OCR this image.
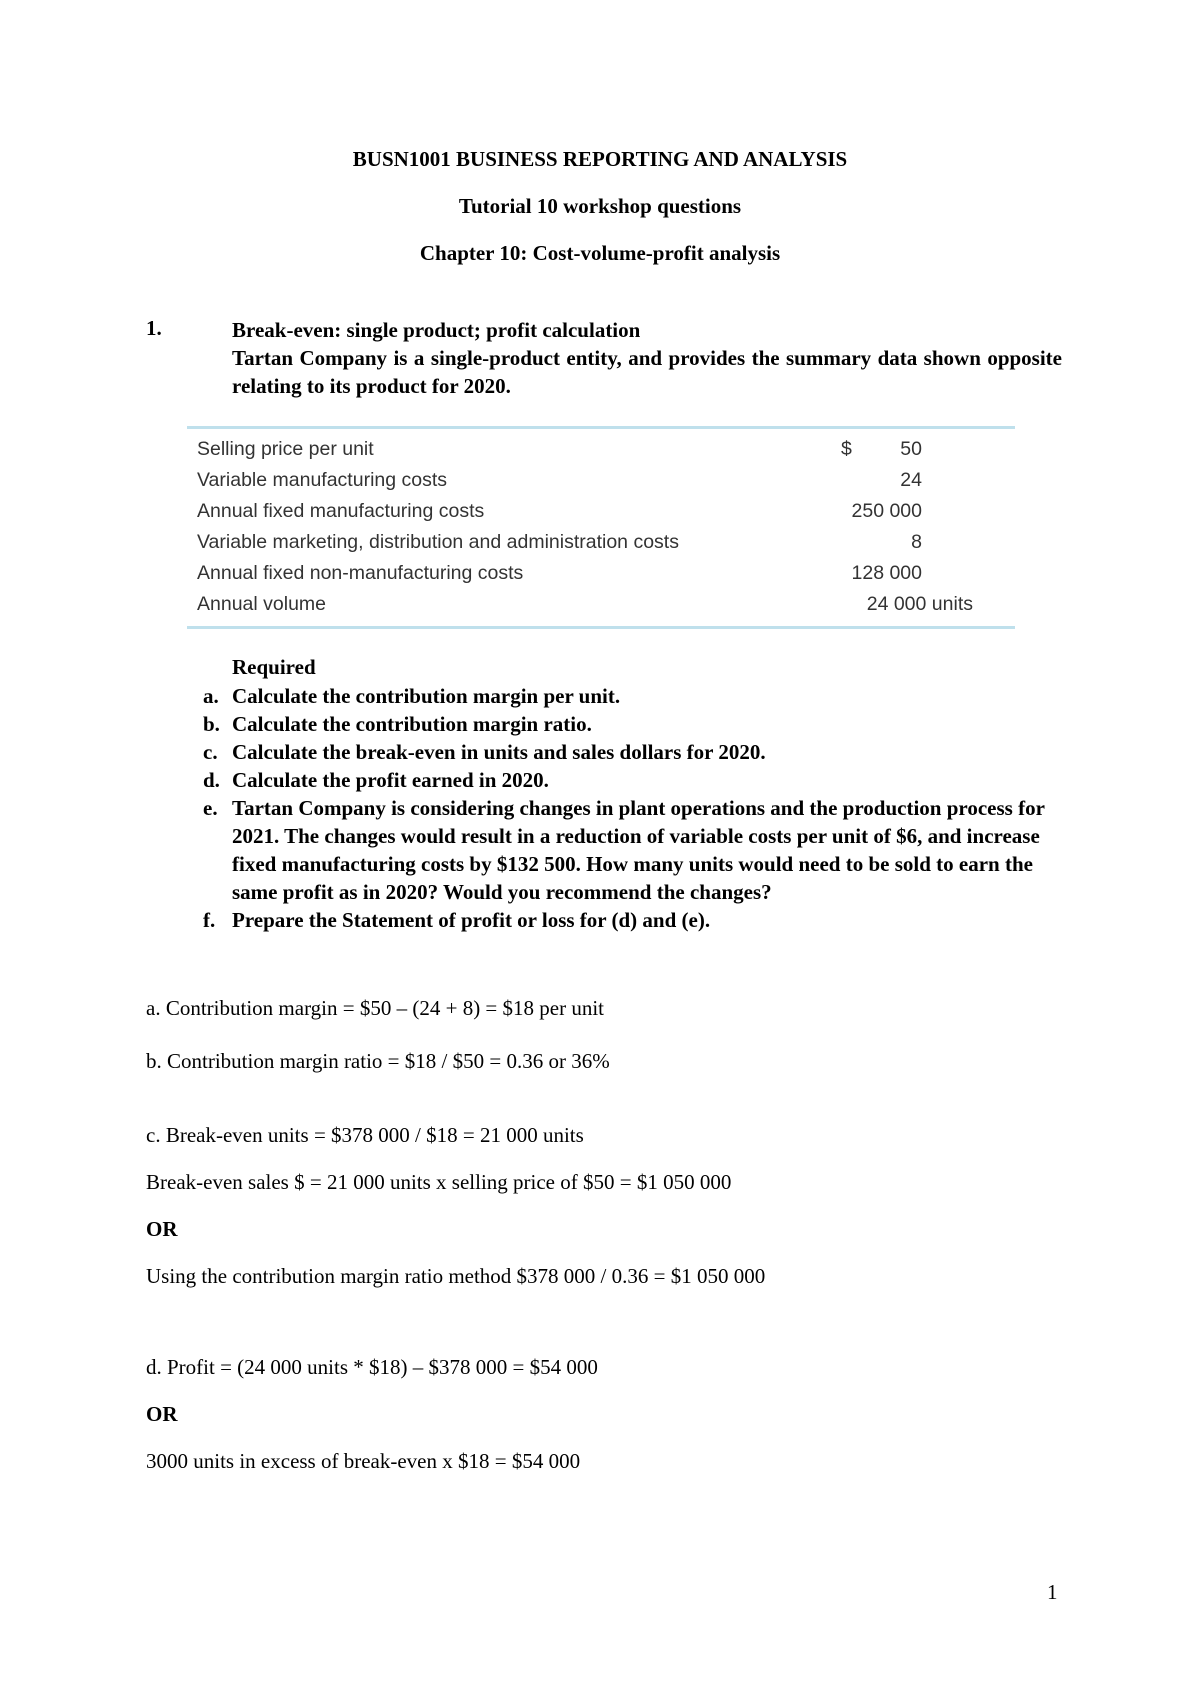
BUSN1001 BUSINESS REPORTING AND ANALYSIS
Tutorial 10 workshop questions
Chapter 10: Cost-volume-profit analysis
1.	Break-even: single product; profit calculation
Tartan Company is a single-product entity, and provides the summary data shown opposite relating to its product for 2020.
Selling price per unit	$ 50
Variable manufacturing costs	24
Annual fixed manufacturing costs	250 000
Variable marketing, distribution and administration costs	8
Annual fixed non-manufacturing costs	128 000
Annual volume	24 000 units
Required
a. Calculate the contribution margin per unit.
b. Calculate the contribution margin ratio.
c. Calculate the break-even in units and sales dollars for 2020.
d. Calculate the profit earned in 2020.
e. Tartan Company is considering changes in plant operations and the production process for 2021. The changes would result in a reduction of variable costs per unit of $6, and increase fixed manufacturing costs by $132 500. How many units would need to be sold to earn the same profit as in 2020? Would you recommend the changes?
f. Prepare the Statement of profit or loss for (d) and (e).
a. Contribution margin = $50 – (24 + 8) = $18 per unit
b. Contribution margin ratio = $18 / $50 = 0.36 or 36%
c. Break-even units = $378 000 / $18 = 21 000 units
Break-even sales $ = 21 000 units x selling price of $50 = $1 050 000
OR
Using the contribution margin ratio method $378 000 / 0.36 = $1 050 000
d. Profit = (24 000 units * $18) – $378 000 = $54 000
OR
3000 units in excess of break-even x $18 = $54 000
1
